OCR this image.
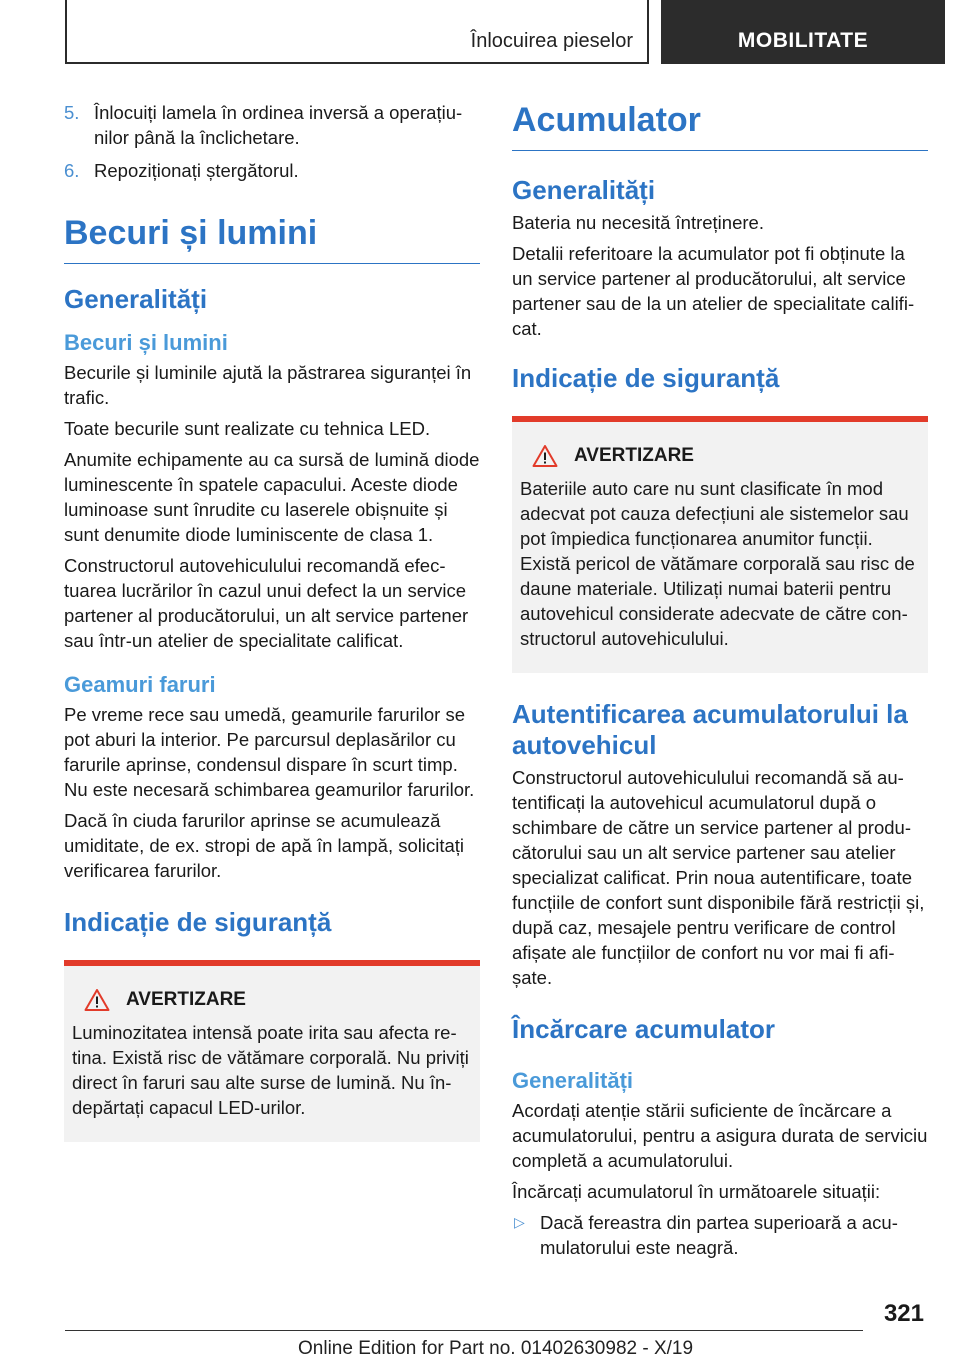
Înlocuirea pieselor	MOBILITATE
5. Înlocuiți lamela în ordinea inversă a operațiunilor până la înclichetare.
6. Repoziționați ștergătorul.
Becuri și lumini
Generalități
Becuri și lumini

Becurile și luminile ajută la păstrarea siguranței în trafic.

Toate becurile sunt realizate cu tehnica LED.

Anumite echipamente au ca sursă de lumină diode luminescente în spatele capacului. Aceste diode luminoase sunt înrudite cu laserele obișnuite și sunt denumite diode luminiscente de clasa 1.

Constructorul autovehiculului recomandă efectuarea lucrărilor în cazul unui defect la un service partener al producătorului, un alt service partener sau într-un atelier de specialitate calificat.

Geamuri faruri

Pe vreme rece sau umedă, geamurile farurilor se pot aburi la interior. Pe parcursul deplasărilor cu farurile aprinse, condensul dispare în scurt timp. Nu este necesară schimbarea geamurilor farurilor.

Dacă în ciuda farurilor aprinse se acumulează umiditate, de ex. stropi de apă în lampă, solicitați verificarea farurilor.

Indicație de siguranță
AVERTIZARE

Luminozitatea intensă poate irita sau afecta retina. Există risc de vătămare corporală. Nu priviți direct în faruri sau alte surse de lumină. Nu îndepărtați capacul LED-urilor.

Acumulator
Generalități

Bateria nu necesită întreținere.

Detalii referitoare la acumulator pot fi obținute la un service partener al producătorului, alt service partener sau de la un atelier de specialitate calificat.

Indicație de siguranță
AVERTIZARE

Bateriile auto care nu sunt clasificate în mod adecvat pot cauza defecțiuni ale sistemelor sau pot împiedica funcționarea anumitor funcții. Există pericol de vătămare corporală sau risc de daune materiale. Utilizați numai baterii pentru autovehicul considerate adecvate de către constructorul autovehiculului.

Autentificarea acumulatorului la autovehicul

Constructorul autovehiculului recomandă să autentificați la autovehicul acumulatorul după o schimbare de către un service partener al producătorului sau un alt service partener sau atelier specializat calificat. Prin noua autentificare, toate funcțiile de confort sunt disponibile fără restricții și, după caz, mesajele pentru verificare de control afișate ale funcțiilor de confort nu vor mai fi afișate.

Încărcare acumulator
Generalități

Acordați atenție stării suficiente de încărcare a acumulatorului, pentru a asigura durata de serviciu completă a acumulatorului.

Încărcați acumulatorul în următoarele situații:

▷ Dacă fereastra din partea superioară a acumulatorului este neagră.
321
Online Edition for Part no. 01402630982 - X/19
